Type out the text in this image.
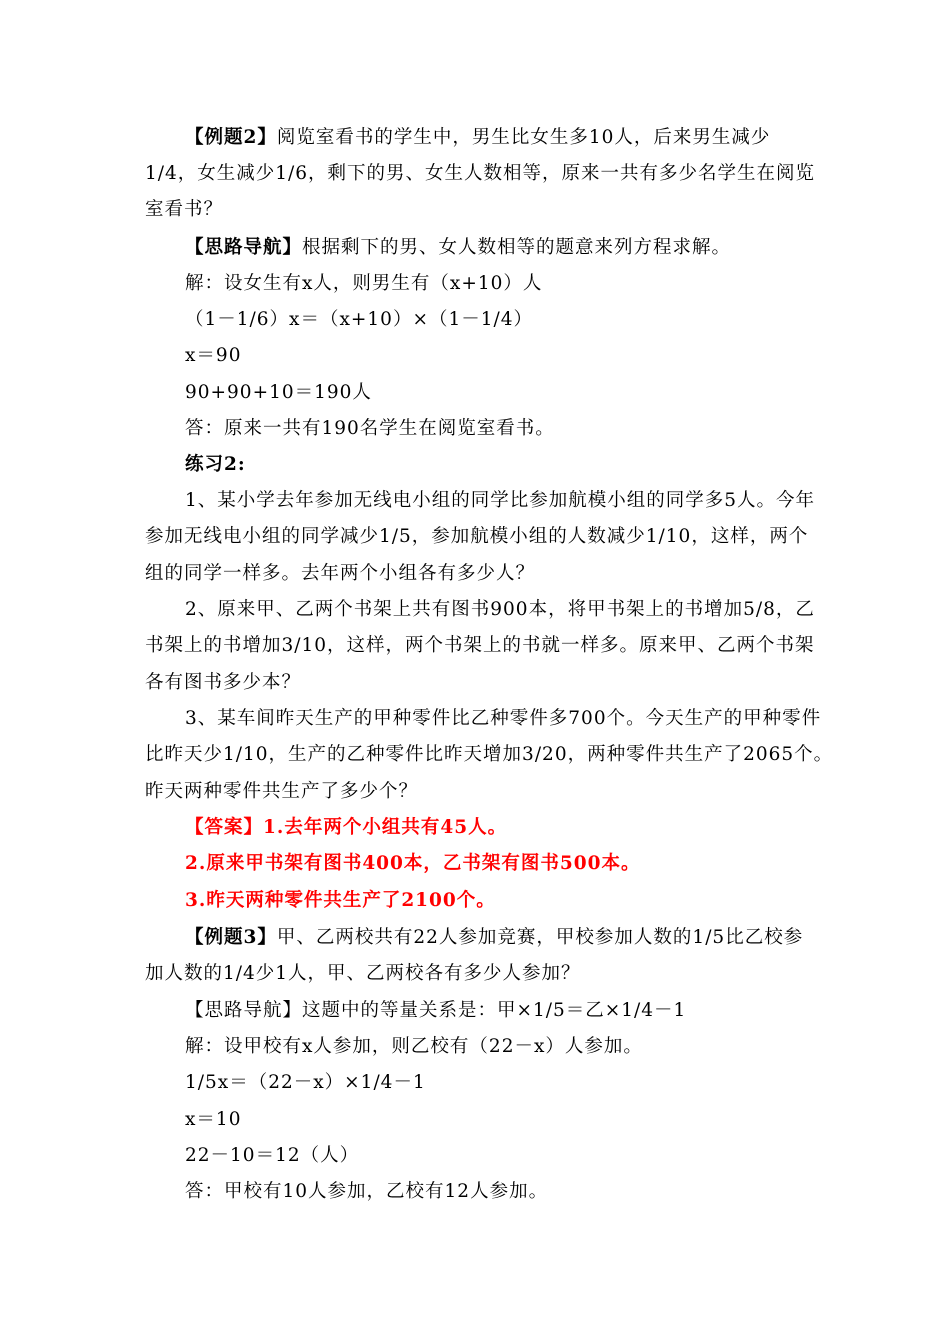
【例题2】阅览室看书的学生中，男生比女生多10人，后来男生减少
1/4，女生减少1/6，剩下的男、女生人数相等，原来一共有多少名学生在阅览
室看书？
【思路导航】根据剩下的男、女人数相等的题意来列方程求解。
解：设女生有x人，则男生有（x+10）人
（1－1/6）x＝（x+10）×（1－1/4）
x＝90
90+90+10＝190人
答：原来一共有190名学生在阅览室看书。
练习2:
1、某小学去年参加无线电小组的同学比参加航模小组的同学多5人。今年
参加无线电小组的同学减少1/5，参加航模小组的人数减少1/10，这样，两个
组的同学一样多。去年两个小组各有多少人？
2、原来甲、乙两个书架上共有图书900本，将甲书架上的书增加5/8，乙
书架上的书增加3/10，这样，两个书架上的书就一样多。原来甲、乙两个书架
各有图书多少本？
3、某车间昨天生产的甲种零件比乙种零件多700个。今天生产的甲种零件
比昨天少1/10，生产的乙种零件比昨天增加3/20，两种零件共生产了2065个。
昨天两种零件共生产了多少个？
【答案】1.去年两个小组共有45人。
2.原来甲书架有图书400本，乙书架有图书500本。
3.昨天两种零件共生产了2100个。
【例题3】甲、乙两校共有22人参加竞赛，甲校参加人数的1/5比乙校参
加人数的1/4少1人，甲、乙两校各有多少人参加？
【思路导航】这题中的等量关系是：甲×1/5＝乙×1/4－1
解：设甲校有x人参加，则乙校有（22－x）人参加。
1/5x＝（22－x）×1/4－1
x＝10
22－10＝12（人）
答：甲校有10人参加，乙校有12人参加。
